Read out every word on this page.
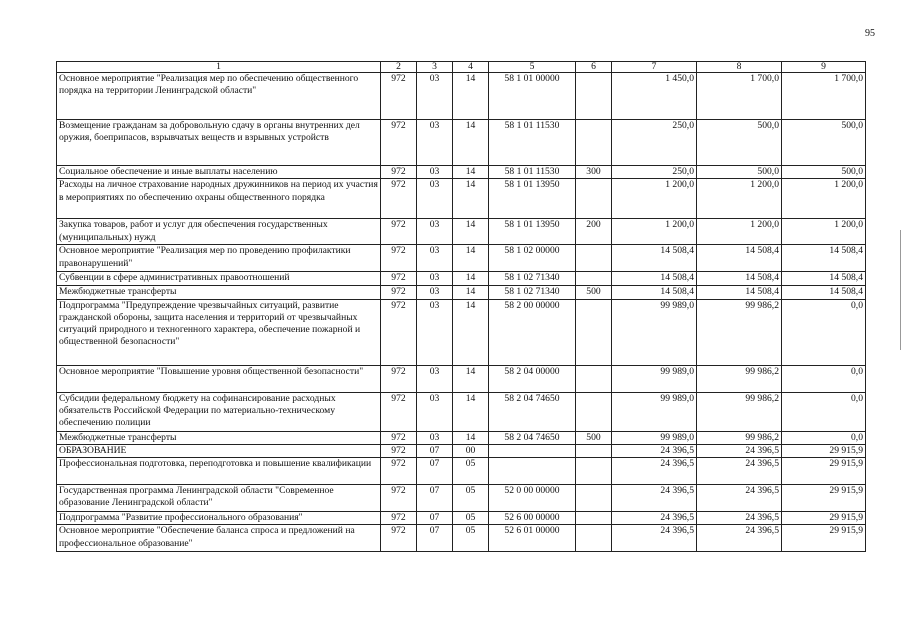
95
1	2	3	4	5	6	7	8	9
Основное мероприятие "Реализация мер по обеспечению общественного порядка на территории Ленинградской области"	972	03	14	58 1 01 00000		1 450,0	1 700,0	1 700,0
Возмещение гражданам за добровольную сдачу в органы внутренних дел оружия, боеприпасов, взрывчатых веществ и взрывных устройств	972	03	14	58 1 01 11530		250,0	500,0	500,0
Социальное обеспечение и иные выплаты населению	972	03	14	58 1 01 11530	300	250,0	500,0	500,0
Расходы на личное страхование народных дружинников на период их участия в мероприятиях по обеспечению охраны общественного порядка	972	03	14	58 1 01 13950		1 200,0	1 200,0	1 200,0
Закупка товаров, работ и услуг для обеспечения государственных (муниципальных) нужд	972	03	14	58 1 01 13950	200	1 200,0	1 200,0	1 200,0
Основное мероприятие "Реализация мер по проведению профилактики правонарушений"	972	03	14	58 1 02 00000		14 508,4	14 508,4	14 508,4
Субвенции в сфере административных правоотношений	972	03	14	58 1 02 71340		14 508,4	14 508,4	14 508,4
Межбюджетные трансферты	972	03	14	58 1 02 71340	500	14 508,4	14 508,4	14 508,4
Подпрограмма "Предупреждение чрезвычайных ситуаций, развитие гражданской обороны, защита населения и территорий от чрезвычайных ситуаций природного и техногенного характера, обеспечение пожарной и общественной безопасности"	972	03	14	58 2 00 00000		99 989,0	99 986,2	0,0
Основное мероприятие "Повышение уровня общественной безопасности"	972	03	14	58 2 04 00000		99 989,0	99 986,2	0,0
Субсидии федеральному бюджету на софинансирование расходных обязательств Российской Федерации по материально-техническому обеспечению полиции	972	03	14	58 2 04 74650		99 989,0	99 986,2	0,0
Межбюджетные трансферты	972	03	14	58 2 04 74650	500	99 989,0	99 986,2	0,0
ОБРАЗОВАНИЕ	972	07	00			24 396,5	24 396,5	29 915,9
Профессиональная подготовка, переподготовка и повышение квалификации	972	07	05			24 396,5	24 396,5	29 915,9
Государственная программа Ленинградской области "Современное образование Ленинградской области"	972	07	05	52 0 00 00000		24 396,5	24 396,5	29 915,9
Подпрограмма "Развитие профессионального образования"	972	07	05	52 6 00 00000		24 396,5	24 396,5	29 915,9
Основное мероприятие "Обеспечение баланса спроса и предложений на профессиональное образование"	972	07	05	52 6 01 00000		24 396,5	24 396,5	29 915,9
